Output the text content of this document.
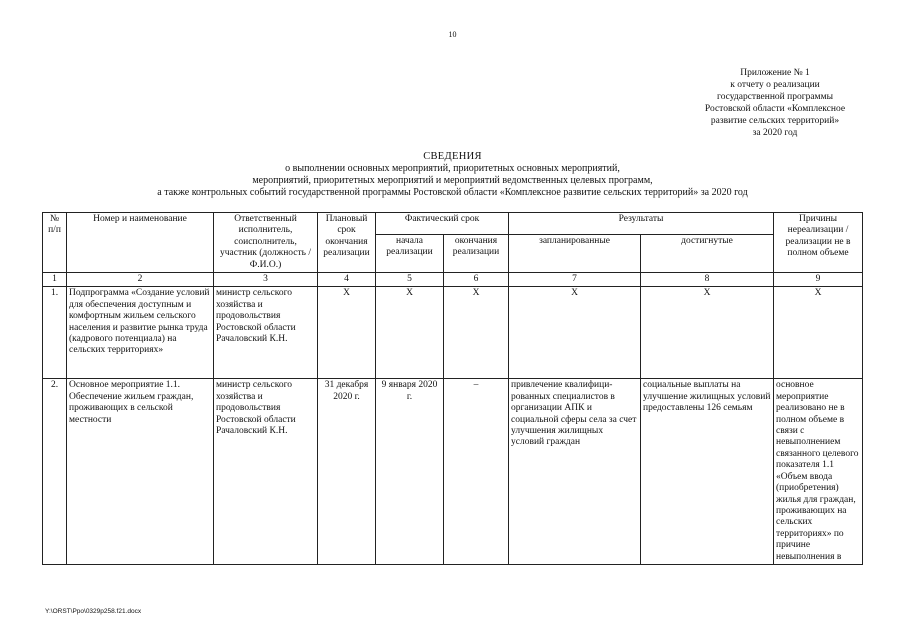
10
Приложение № 1
к отчету о реализации
государственной программы
Ростовской области «Комплексное
развитие сельских территорий»
за 2020 год
СВЕДЕНИЯ
о выполнении основных мероприятий, приоритетных основных мероприятий,
мероприятий, приоритетных мероприятий и мероприятий ведомственных целевых программ,
а также контрольных событий государственной программы Ростовской области «Комплексное развитие сельских территорий» за 2020 год
№ п/п	Номер и наименование	Ответственный исполнитель, соисполнитель, участник (должность / Ф.И.О.)	Плановый срок окончания реализации	Фактический срок		Результаты		Причины нереализации / реализации не в полном объеме
				начала реализации	окончания реализации	запланированные	достигнутые	
1	2	3	4	5	6	7	8	9
1.	Подпрограмма «Создание условий для обеспечения доступным и комфортным жильем сельского населения и развитие рынка труда (кадрового потенциала) на сельских территориях»	министр сельского хозяйства и продовольствия Ростовской области Рачаловский К.Н.	Х	Х	Х	Х	Х	Х
2.	Основное мероприятие 1.1. Обеспечение жильем граждан, проживающих в сельской местности	министр сельского хозяйства и продовольствия Ростовской области Рачаловский К.Н.	31 декабря 2020 г.	9 января 2020 г.	–	привлечение квалифици-рованных специалистов в организации АПК и социальной сферы села за счет улучшения жилищных условий граждан	социальные выплаты на улучшение жилищных условий предоставлены 126 семьям	основное мероприятие реализовано не в полном объеме в связи с невыполнением связанного целевого показателя 1.1 «Объем ввода (приобретения) жилья для граждан, проживающих на сельских территориях» по причине невыполнения в
Y:\ORST\Ppo\0329p258.f21.docx
